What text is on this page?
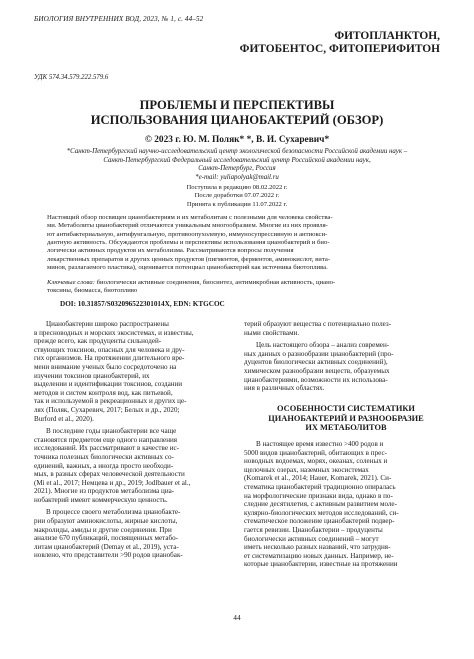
БИОЛОГИЯ ВНУТРЕННИХ ВОД, 2023, № 1, с. 44–52
ФИТОПЛАНКТОН,
ФИТОБЕНТОС, ФИТОПЕРИФИТОН
УДК 574.34.579.222.579.6
ПРОБЛЕМЫ И ПЕРСПЕКТИВЫ
ИСПОЛЬЗОВАНИЯ ЦИАНОБАКТЕРИЙ (ОБЗОР)
© 2023 г. Ю. М. Поляк* *, В. И. Сухаревич*
*Санкт-Петербургский научно-исследовательский центр экологической безопасности Российской академии наук –
Санкт-Петербургский Федеральный исследовательский центр Российской академии наук,
Санкт-Петербург, Россия
*e-mail: yuliapolyak@mail.ru
Поступила в редакцию 08.02.2022 г.
После доработки 07.07.2022 г.
Принята к публикации 11.07.2022 г.
Настоящий обзор посвящен цианобактериям и их метаболитам с полезными для человека свойства-
ми. Метаболиты цианобактерий отличаются уникальным многообразием. Многие из них проявля-
ют антибактериальную, антифунгальную, противоопухолевую, иммуносупрессивную и антиокси-
дантную активность. Обсуждаются проблемы и перспективы использования цианобактерий и био-
логически активных продуктов их метаболизма. Рассматриваются вопросы получения
лекарственных препаратов и других ценных продуктов (пигментов, ферментов, аминокислот, вита-
минов, разлагаемого пластика), оценивается потенциал цианобактерий как источника биотоплива.
Ключевые слова: биологически активные соединения, биосинтез, антимикробная активность, циано-
токсины, биомасса, биотопливо
DOI: 10.31857/S032096522301014X, EDN: KTGCOC
Цианобактерии широко распространены
в пресноводных и морских экосистемах, и известны,
прежде всего, как продуценты сильнодей-
ствующих токсинов, опасных для человека и дру-
гих организмов. На протяжении длительного вре-
мени внимание ученых было сосредоточено на
изучении токсинов цианобактерий, их
выделении и идентификации токсинов, создании
методов и систем контроля вод, как питьевой,
так и используемой в рекреационных и других це-
лях (Поляк, Сухаревич, 2017; Белых и др., 2020;
Burford et al., 2020).
В последние годы цианобактерии все чаще
становятся предметом еще одного направления
исследований. Их рассматривают в качестве ис-
точника полезных биологически активных со-
единений, важных, а иногда просто необходи-
мых, в разных сферах человеческой деятельности
(Mi et al., 2017; Немцева и др., 2019; Jodlbauer et al.,
2021). Многие из продуктов метаболизма циа-
нобактерий имеют коммерческую ценность.
В процессе своего метаболизма цианобакте-
рии образуют аминокислоты, жирные кислоты,
макролиды, амиды и другие соединения. При
анализе 670 публикаций, посвященных метабо-
литам цианобактерий (Demay et al., 2019), уста-
новлено, что представители >90 родов цианобак-
терий образуют вещества с потенциально полез-
ными свойствами.
Цель настоящего обзора – анализ современ-
ных данных о разнообразии цианобактерий (про-
дуцентов биологически активных соединений),
химическом разнообразии веществ, образуемых
цианобактериями, возможности их использова-
ния в различных областях.
ОСОБЕННОСТИ СИСТЕМАТИКИ
ЦИАНОБАКТЕРИЙ И РАЗНООБРАЗИЕ
ИХ МЕТАБОЛИТОВ
В настоящее время известно >400 родов и
5000 видов цианобактерий, обитающих в прес-
новодных водоемах, морях, океанах, соленых и
щелочных озерах, наземных экосистемах
(Komarek et al., 2014; Hauer, Komarek, 2021). Си-
стематика цианобактерий традиционно опиралась
на морфологические признаки вида, однако в по-
следние десятилетия, с активным развитием моле-
кулярно-биологических методов исследований, си-
стематическое положение цианобактерий подвер-
гается ревизии. Цианобактерии – продуценты
биологически активных соединений – могут
иметь несколько разных названий, что затрудня-
ет систематизацию новых данных. Например, не-
которые цианобактерии, известные на протяжении
44
